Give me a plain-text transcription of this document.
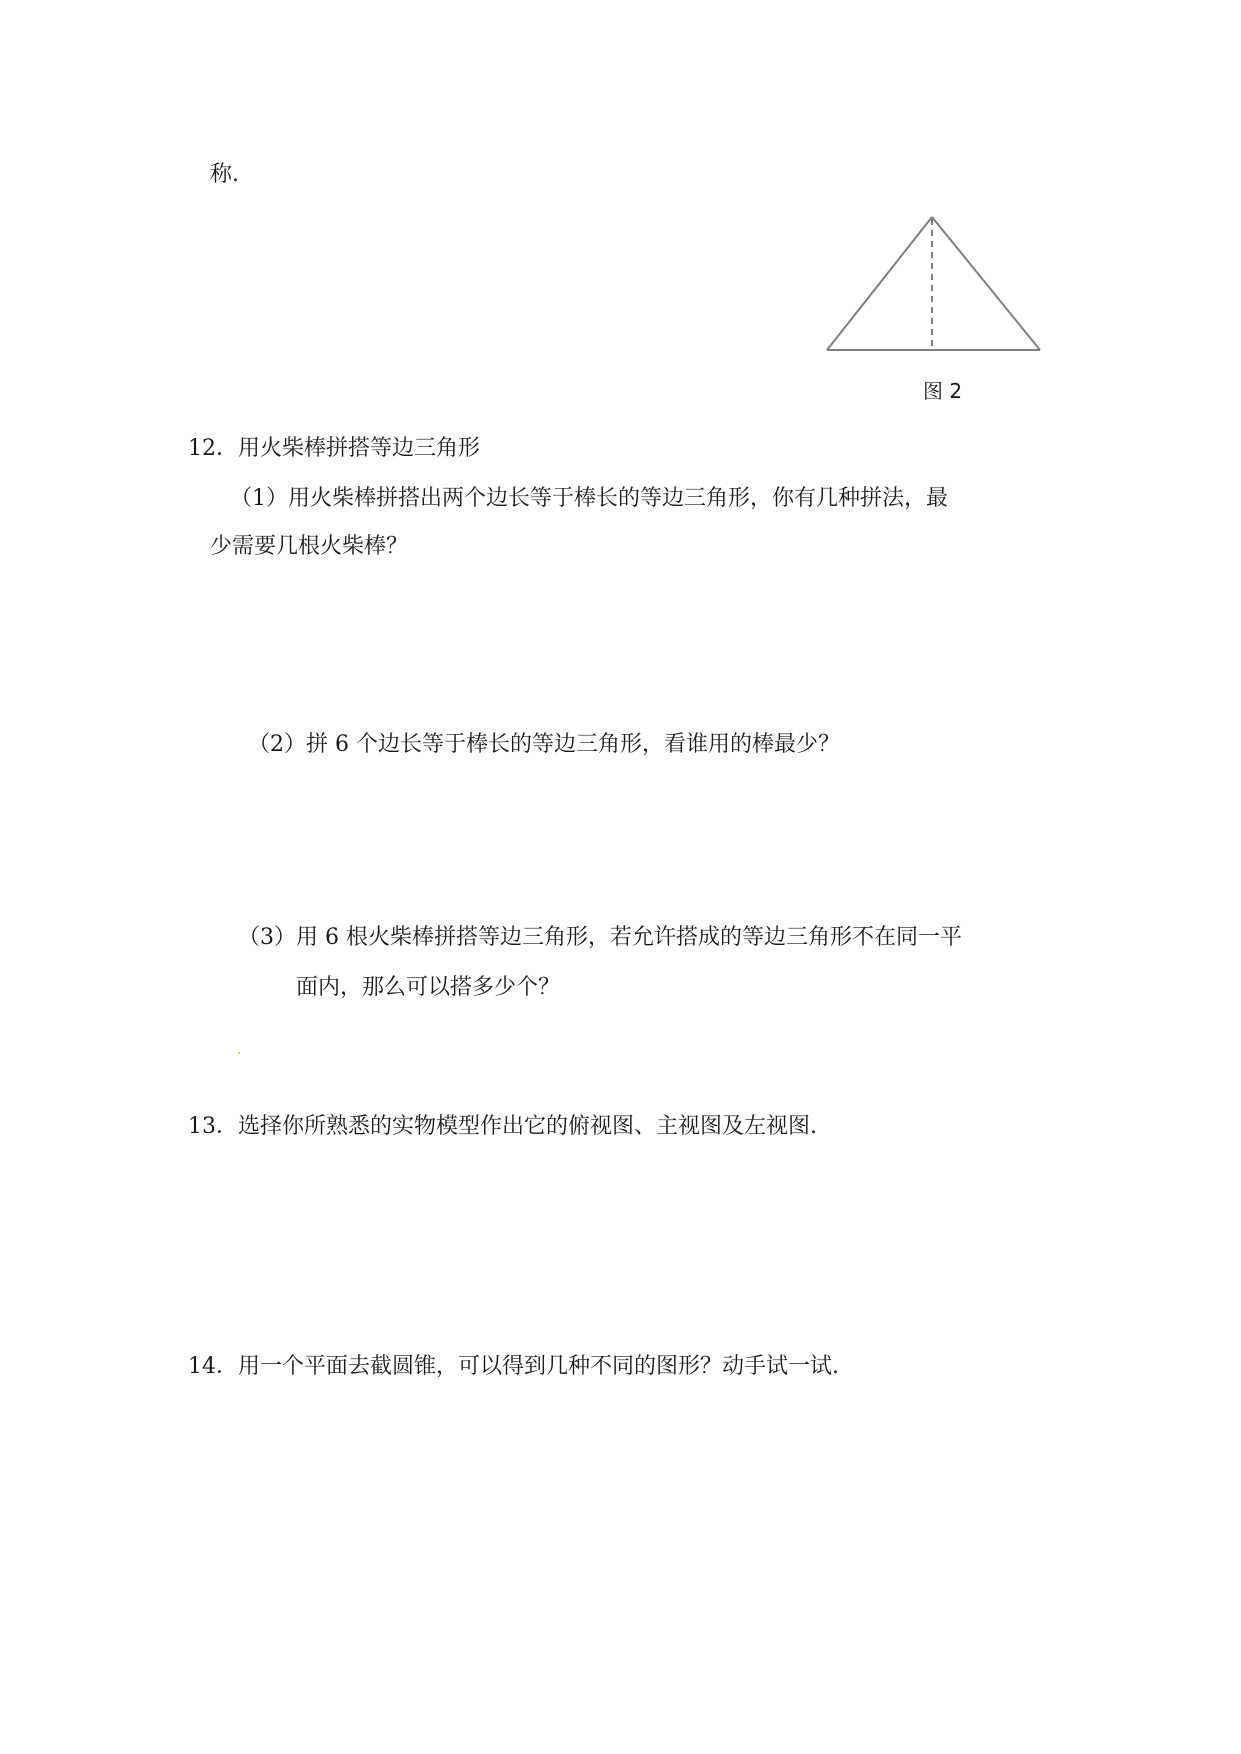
称.
图 2
12．用火柴棒拼搭等边三角形
（1）用火柴棒拼搭出两个边长等于棒长的等边三角形，你有几种拼法，最
少需要几根火柴棒？
（2）拼 6 个边长等于棒长的等边三角形，看谁用的棒最少？
（3）用 6 根火柴棒拼搭等边三角形，若允许搭成的等边三角形不在同一平
面内，那么可以搭多少个？
13．选择你所熟悉的实物模型作出它的俯视图、主视图及左视图.
14．用一个平面去截圆锥，可以得到几种不同的图形？动手试一试.
